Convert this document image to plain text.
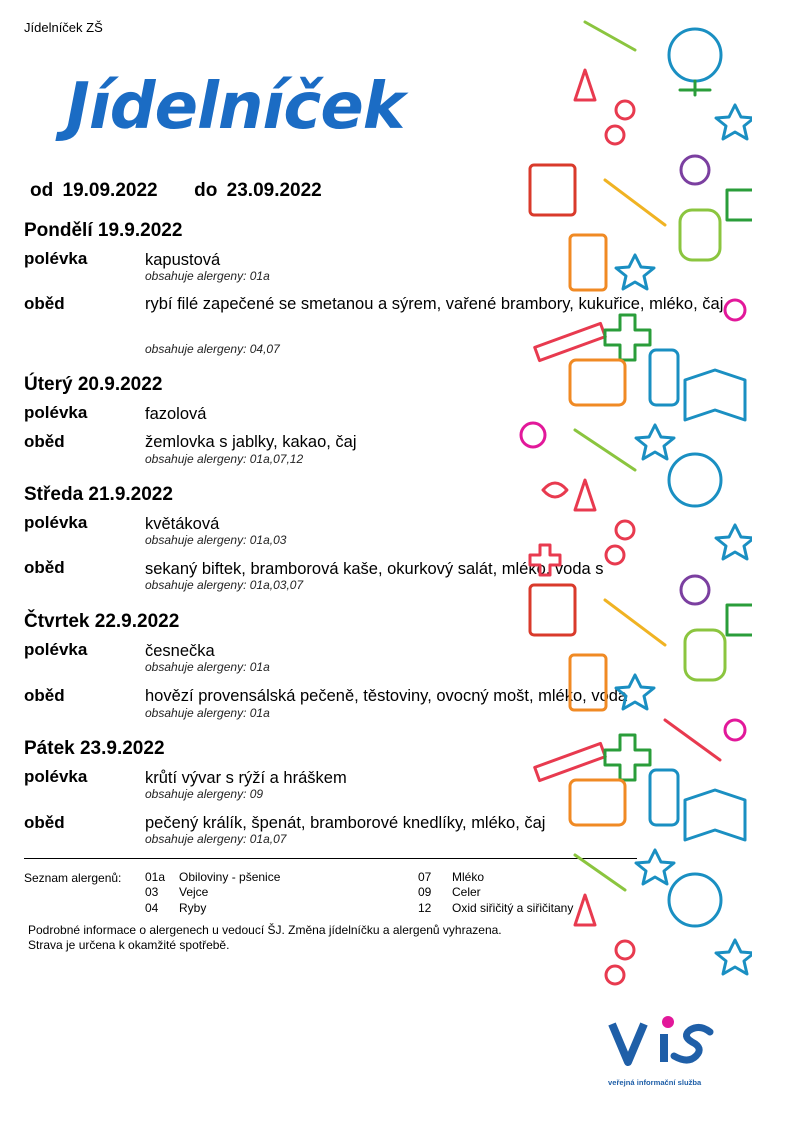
Jídelníček ZŠ
Jídelníček
od 19.09.2022 do 23.09.2022
Pondělí 19.9.2022
polévka	kapustová
obsahuje alergeny: 01a
oběd	rybí filé zapečené se smetanou a sýrem, vařené brambory, kukuřice, mléko, čaj
obsahuje alergeny: 04,07
Úterý 20.9.2022
polévka	fazolová
oběd	žemlovka s jablky, kakao, čaj
obsahuje alergeny: 01a,07,12
Středa 21.9.2022
polévka	květáková
obsahuje alergeny: 01a,03
oběd	sekaný biftek, bramborová kaše, okurkový salát, mléko, voda s
obsahuje alergeny: 01a,03,07
Čtvrtek 22.9.2022
polévka	česnečka
obsahuje alergeny: 01a
oběd	hovězí provensálská pečeně, těstoviny, ovocný mošt, mléko, voda
obsahuje alergeny: 01a
Pátek 23.9.2022
polévka	krůtí vývar s rýží a hráškem
obsahuje alergeny: 09
oběd	pečený králík, špenát, bramborové knedlíky, mléko, čaj
obsahuje alergeny: 01a,07
Seznam alergenů: 01a Obiloviny - pšenice
03 Vejce
04 Ryby
07 Mléko
09 Celer
12 Oxid siřičitý a siřičitany
Podrobné informace o alergenech u vedoucí ŠJ. Změna jídelníčku a alergenů vyhrazena.
Strava je určena k okamžité spotřebě.
veřejná informační služba
